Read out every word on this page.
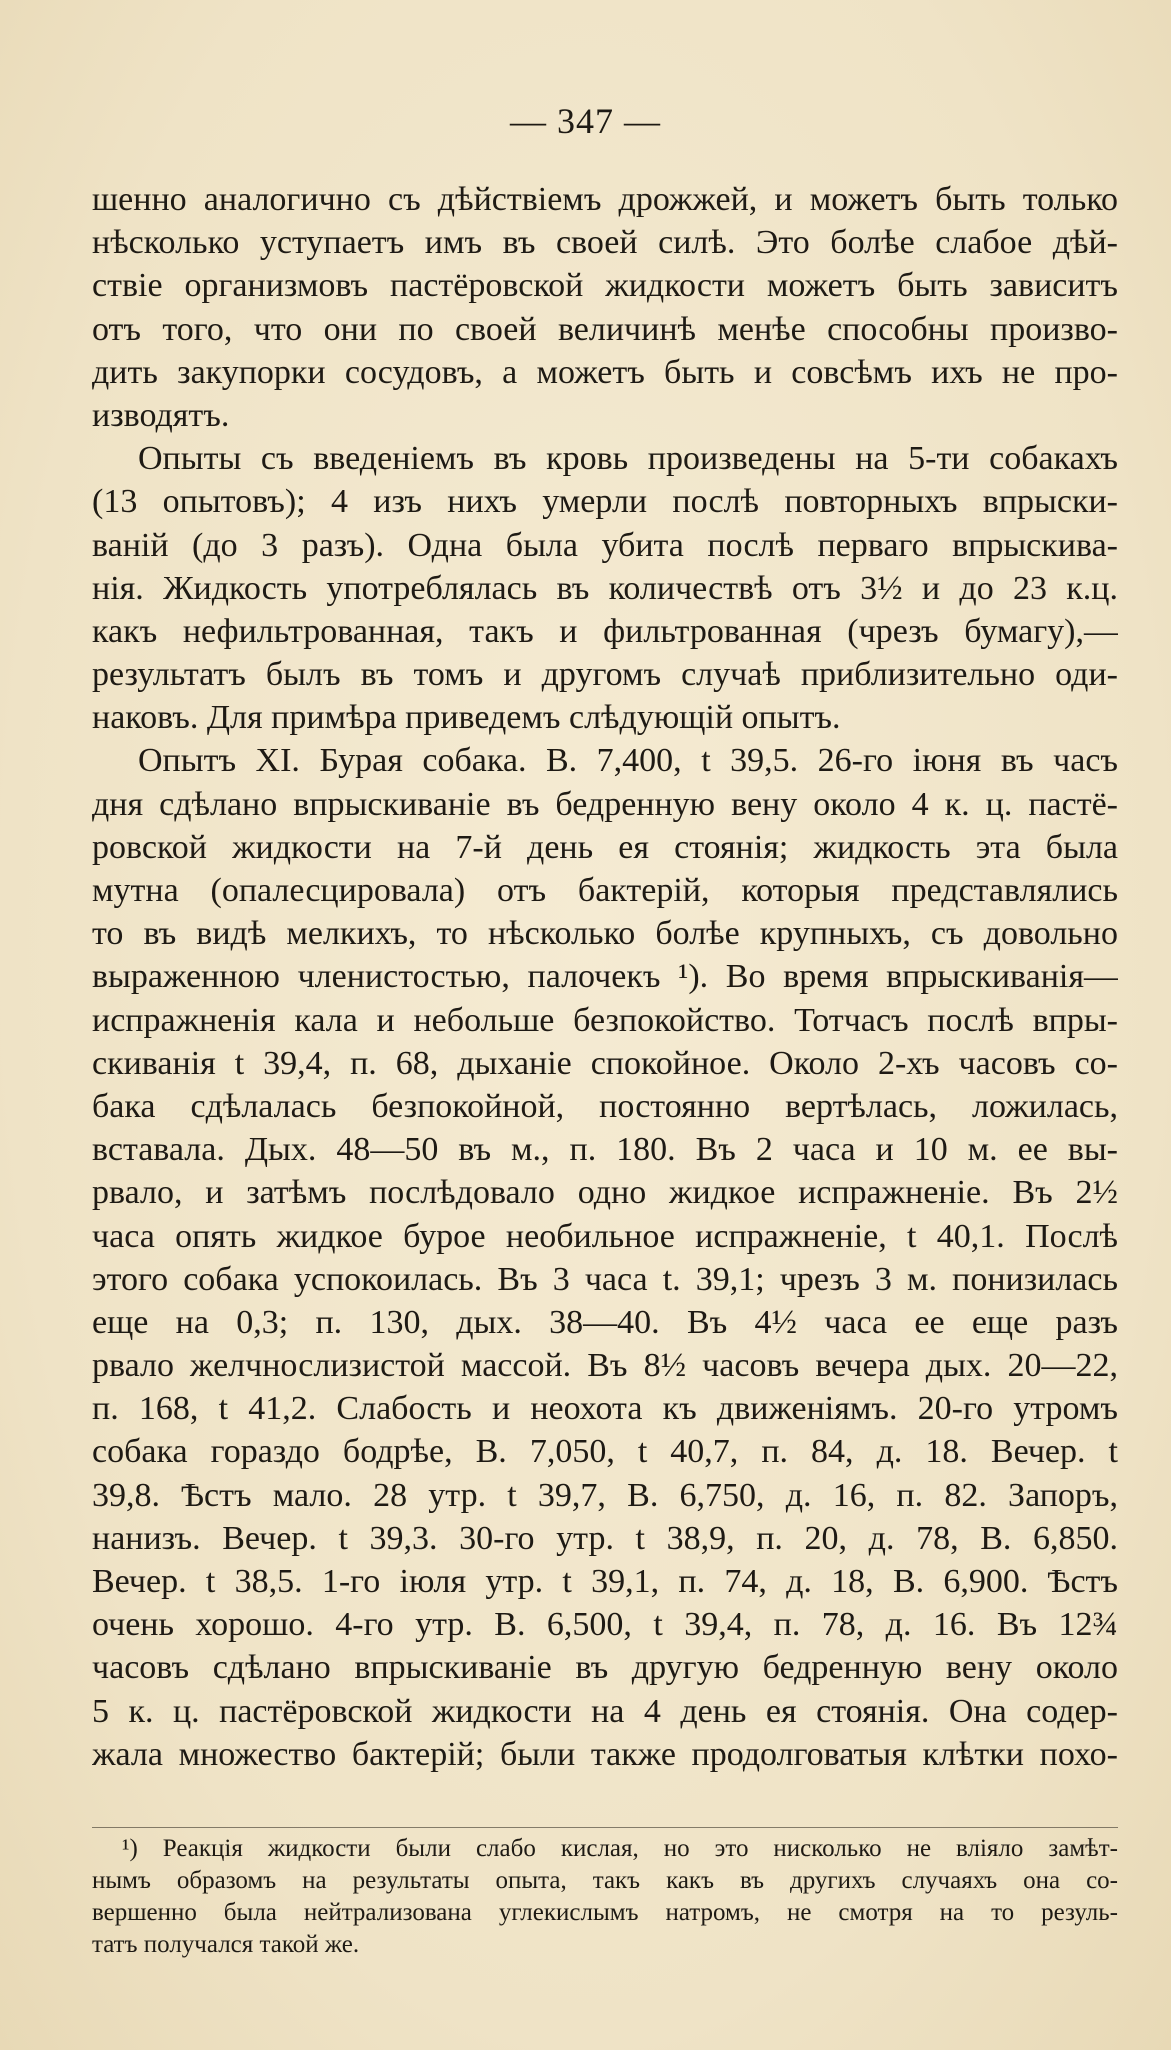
— 347 —
шенно аналогично съ дѣйствіемъ дрожжей, и можетъ быть только
нѣсколько уступаетъ имъ въ своей силѣ. Это болѣе слабое дѣй-
ствіе организмовъ пастёровской жидкости можетъ быть зависитъ
отъ того, что они по своей величинѣ менѣе способны произво-
дить закупорки сосудовъ, а можетъ быть и совсѣмъ ихъ не про-
изводятъ.
Опыты съ введеніемъ въ кровь произведены на 5-ти собакахъ
(13 опытовъ); 4 изъ нихъ умерли послѣ повторныхъ впрыски-
ваній (до 3 разъ). Одна была убита послѣ перваго впрыскива-
нія. Жидкость употреблялась въ количествѣ отъ 3½ и до 23 к.ц.
какъ нефильтрованная, такъ и фильтрованная (чрезъ бумагу),—
результатъ былъ въ томъ и другомъ случаѣ приблизительно оди-
наковъ. Для примѣра приведемъ слѣдующій опытъ.
Опытъ XI. Бурая собака. В. 7,400, t 39,5. 26-го іюня въ часъ
дня сдѣлано впрыскиваніе въ бедренную вену около 4 к. ц. пастё-
ровской жидкости на 7-й день ея стоянія; жидкость эта была
мутна (опалесцировала) отъ бактерій, которыя представлялись
то въ видѣ мелкихъ, то нѣсколько болѣе крупныхъ, съ довольно
выраженною членистостью, палочекъ ¹). Во время впрыскиванія—
испражненія кала и небольше безпокойство. Тотчасъ послѣ впры-
скиванія t 39,4, п. 68, дыханіе спокойное. Около 2-хъ часовъ со-
бака сдѣлалась безпокойной, постоянно вертѣлась, ложилась,
вставала. Дых. 48—50 въ м., п. 180. Въ 2 часа и 10 м. ее вы-
рвало, и затѣмъ послѣдовало одно жидкое испражненіе. Въ 2½
часа опять жидкое бурое необильное испражненіе, t 40,1. Послѣ
этого собака успокоилась. Въ 3 часа t. 39,1; чрезъ 3 м. понизилась
еще на 0,3; п. 130, дых. 38—40. Въ 4½ часа ее еще разъ
рвало желчнослизистой массой. Въ 8½ часовъ вечера дых. 20—22,
п. 168, t 41,2. Слабость и неохота къ движеніямъ. 20-го утромъ
собака гораздо бодрѣе, В. 7,050, t 40,7, п. 84, д. 18. Вечер. t
39,8. Ѣстъ мало. 28 утр. t 39,7, В. 6,750, д. 16, п. 82. Запоръ,
нанизъ. Вечер. t 39,3. 30-го утр. t 38,9, п. 20, д. 78, В. 6,850.
Вечер. t 38,5. 1-го іюля утр. t 39,1, п. 74, д. 18, В. 6,900. Ѣстъ
очень хорошо. 4-го утр. В. 6,500, t 39,4, п. 78, д. 16. Въ 12¾
часовъ сдѣлано впрыскиваніе въ другую бедренную вену около
5 к. ц. пастёровской жидкости на 4 день ея стоянія. Она содер-
жала множество бактерій; были также продолговатыя клѣтки похо-
¹) Реакція жидкости были слабо кислая, но это нисколько не вліяло замѣт-
нымъ образомъ на результаты опыта, такъ какъ въ другихъ случаяхъ она со-
вершенно была нейтрализована углекислымъ натромъ, не смотря на то резуль-
татъ получался такой же.
